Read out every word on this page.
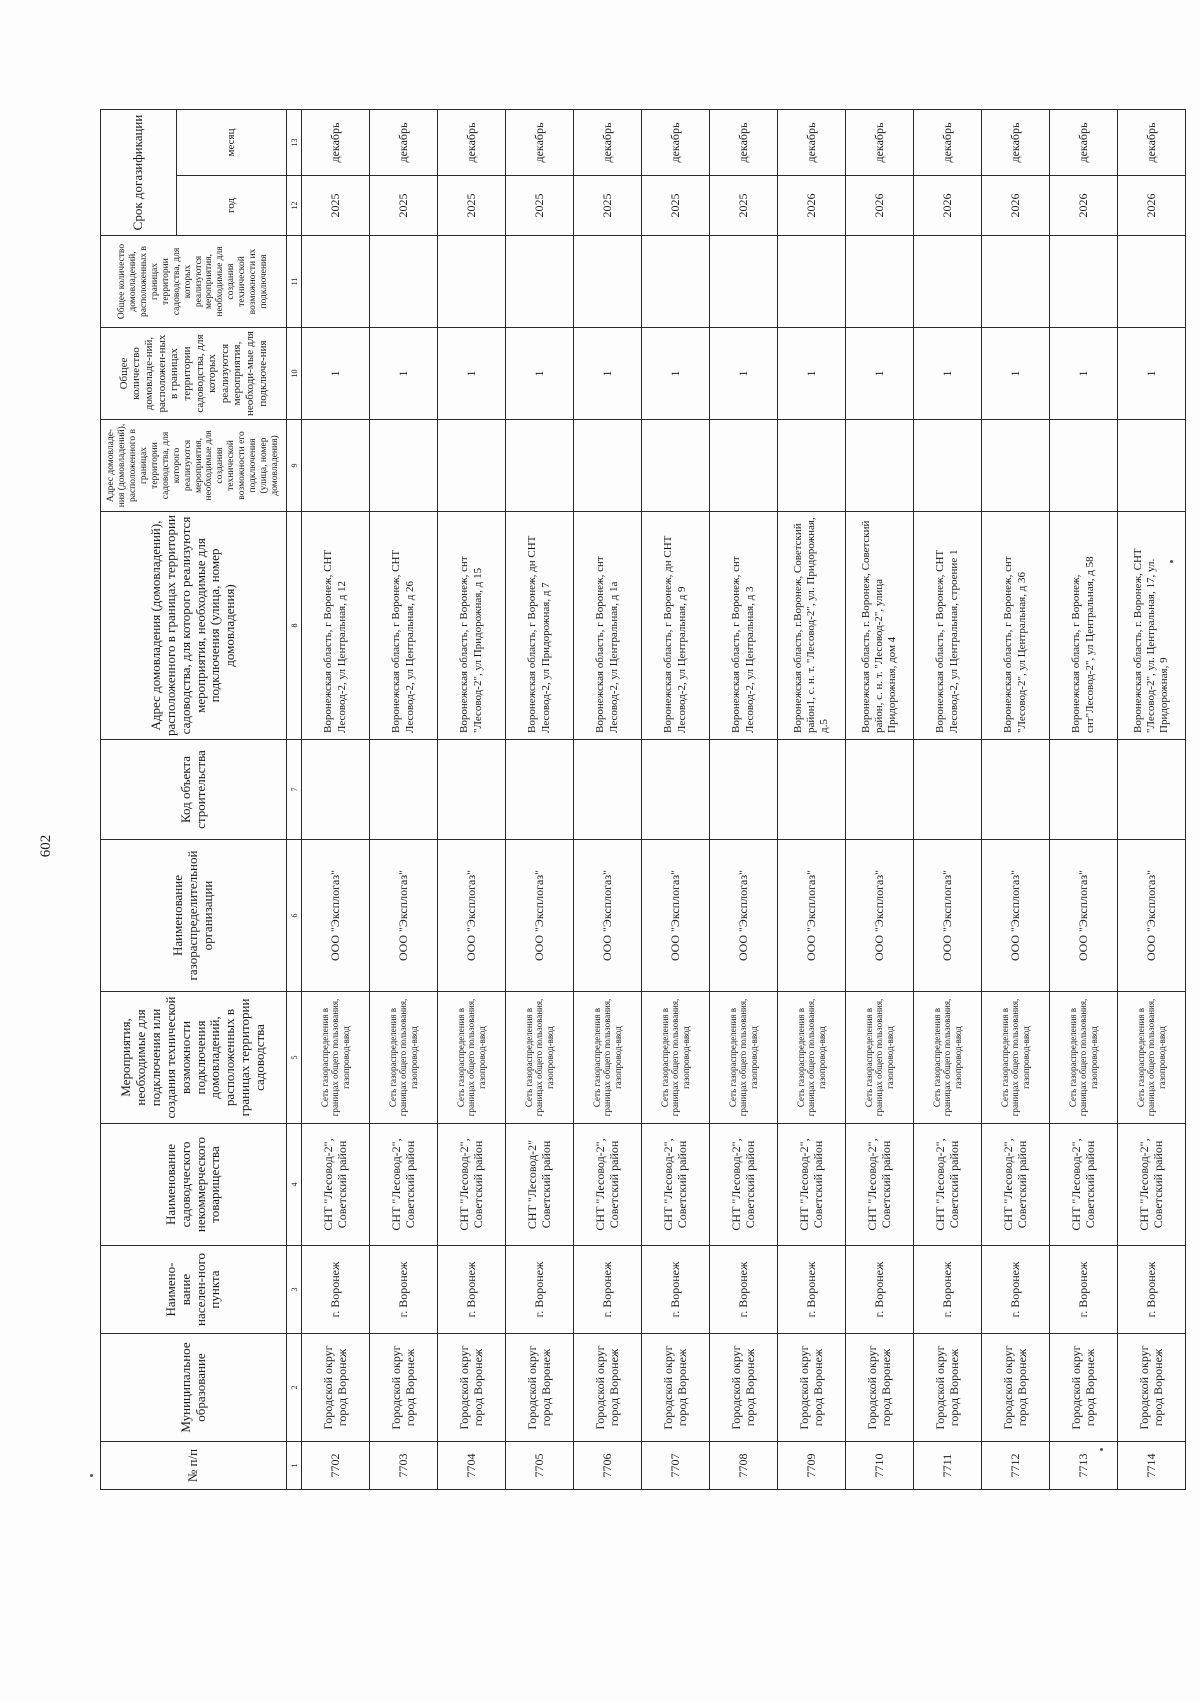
602
№ п/п	Муниципальное образование	Наимено-вание населен-ного пункта	Наименование садоводческого некоммерческого товарищества	Мероприятия, необходимые для подключения или создания технической возможности подключения домовладений, расположенных в границах территории садоводства	Наименование газораспределительной организации	Код объекта строительства	Адрес домовладения (домовладений), расположенного в границах территории садоводства, для которого реализуются мероприятия, необходимые для подключения (улица, номер домовладения)	Адрес домовладе-ния (домовладений), расположенного в границах территории садоводства, для которого реализуются мероприятия, необходимые для создания технической возможности его подключения (улица, номер домовладения)	Общее количество домовладе-ний, расположен-ных в границах территории садоводства, для которых реализуются мероприятия, необходи-мые для подключе-ния	Общее количество домовладений, расположенных в границах территории садоводства, для которых реализуются мероприятия, необходимые для создания технической возможности их подключения	Срок догазификации	
											год	месяц
1	2	3	4	5	6	7	8	9	10	11	12	13
7702	Городской округ город Воронеж	г. Воронеж	СНТ "Лесовод-2", Советский район	Сеть газораспределения в границах общего пользования, газопровод-ввод	ООО "Эксплогаз"		Воронежская область, г Воронеж, СНТ Лесовод-2, ул Центральная, д 12		1		2025	декабрь
7703	Городской округ город Воронеж	г. Воронеж	СНТ "Лесовод-2", Советский район	Сеть газораспределения в границах общего пользования, газопровод-ввод	ООО "Эксплогаз"		Воронежская область, г Воронеж, СНТ Лесовод-2, ул Центральная, д 26		1		2025	декабрь
7704	Городской округ город Воронеж	г. Воронеж	СНТ "Лесовод-2", Советский район	Сеть газораспределения в границах общего пользования, газопровод-ввод	ООО "Эксплогаз"		Воронежская область, г Воронеж, снт "Лесовод-2", ул Придорожная, д 15		1		2025	декабрь
7705	Городской округ город Воронеж	г. Воронеж	СНТ "Лесовод-2" Советский район	Сеть газораспределения в границах общего пользования, газопровод-ввод	ООО "Эксплогаз"		Воронежская область, г Воронеж, дн СНТ Лесовод-2, ул Придорожная, д 7		1		2025	декабрь
7706	Городской округ город Воронеж	г. Воронеж	СНТ "Лесовод-2", Советский район	Сеть газораспределения в границах общего пользования, газопровод-ввод	ООО "Эксплогаз"		Воронежская область, г Воронеж, снт Лесовод-2, ул Центральная, д 1а		1		2025	декабрь
7707	Городской округ город Воронеж	г. Воронеж	СНТ "Лесовод-2", Советский район	Сеть газораспределения в границах общего пользования, газопровод-ввод	ООО "Эксплогаз"		Воронежская область, г Воронеж, дн СНТ Лесовод-2, ул Центральная, д 9		1		2025	декабрь
7708	Городской округ город Воронеж	г. Воронеж	СНТ "Лесовод-2", Советский район	Сеть газораспределения в границах общего пользования, газопровод-ввод	ООО "Эксплогаз"		Воронежская область, г Воронеж, снт Лесовод-2, ул Центральная, д 3		1		2025	декабрь
7709	Городской округ город Воронеж	г. Воронеж	СНТ "Лесовод-2", Советский район	Сеть газораспределения в границах общего пользования, газопровод-ввод	ООО "Эксплогаз"		Воронежская область, г.Воронеж, Советский район1, с. н. т. "Лесовод-2", ул. Придорожная, д.5		1		2026	декабрь
7710	Городской округ город Воронеж	г. Воронеж	СНТ "Лесовод-2", Советский район	Сеть газораспределения в границах общего пользования, газопровод-ввод	ООО "Эксплогаз"		Воронежская область, г. Воронеж, Советский район, с. н. т. "Лесовод-2", улица Придорожная, дом 4		1		2026	декабрь
7711	Городской округ город Воронеж	г. Воронеж	СНТ "Лесовод-2", Советский район	Сеть газораспределения в границах общего пользования, газопровод-ввод	ООО "Эксплогаз"		Воронежская область, г Воронеж, СНТ Лесовод-2, ул Центральная, строение 1		1		2026	декабрь
7712	Городской округ город Воронеж	г. Воронеж	СНТ "Лесовод-2", Советский район	Сеть газораспределения в границах общего пользования, газопровод-ввод	ООО "Эксплогаз"		Воронежская область, г Воронеж, снт "Лесовод-2", ул Центральная, д 36		1		2026	декабрь
7713	Городской округ город Воронеж	г. Воронеж	СНТ "Лесовод-2", Советский район	Сеть газораспределения в границах общего пользования, газопровод-ввод	ООО "Эксплогаз"		Воронежская область, г Воронеж, снт"Лесовод-2", ул Центральная, д 58		1		2026	декабрь
7714	Городской округ город Воронеж	г. Воронеж	СНТ "Лесовод-2", Советский район	Сеть газораспределения в границах общего пользования, газопровод-ввод	ООО "Эксплогаз"		Воронежская область, г. Воронеж, СНТ "Лесовод-2", ул. Центральная, 17, ул. Придорожная, 9		1		2026	декабрь
